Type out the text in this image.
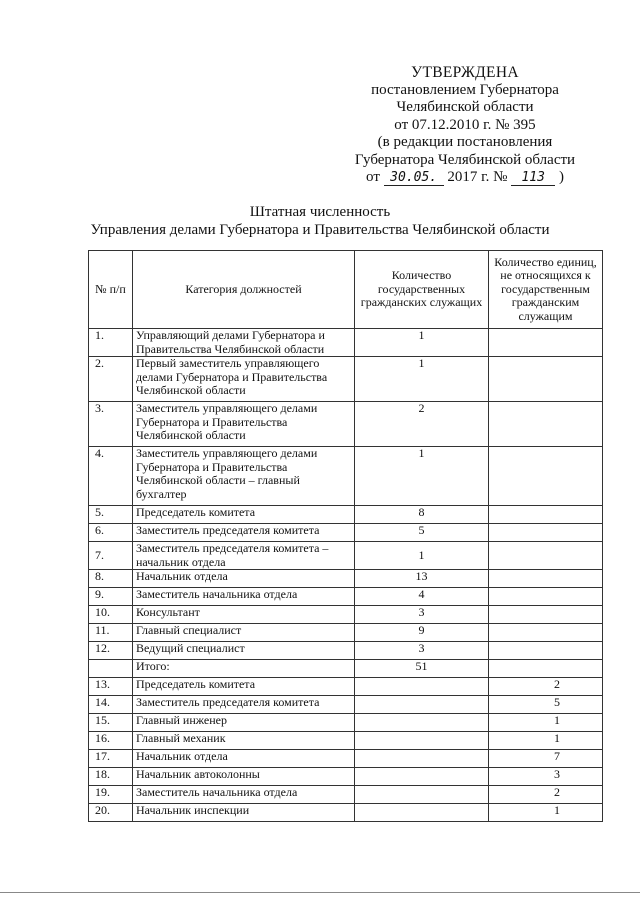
УТВЕРЖДЕНА
постановлением Губернатора
Челябинской области
от 07.12.2010 г. № 395
(в редакции постановления
Губернатора Челябинской области
от 30.05. 2017 г. № 113 )
Штатная численность
Управления делами Губернатора и Правительства Челябинской области
№ п/п	Категория должностей	Количество государственных гражданских служащих	Количество единиц, не относящихся к государственным гражданским служащим
1.	Управляющий делами Губернатора и Правительства Челябинской области	1	
2.	Первый заместитель управляющего делами Губернатора и Правительства Челябинской области	1	
3.	Заместитель управляющего делами Губернатора и Правительства Челябинской области	2	
4.	Заместитель управляющего делами Губернатора и Правительства Челябинской области – главный бухгалтер	1	
5.	Председатель комитета	8	
6.	Заместитель председателя комитета	5	
7.	Заместитель председателя комитета – начальник отдела	1	
8.	Начальник отдела	13	
9.	Заместитель начальника отдела	4	
10.	Консультант	3	
11.	Главный специалист	9	
12.	Ведущий специалист	3	
	Итого:	51	
13.	Председатель комитета		2
14.	Заместитель председателя комитета		5
15.	Главный инженер		1
16.	Главный механик		1
17.	Начальник отдела		7
18.	Начальник автоколонны		3
19.	Заместитель начальника отдела		2
20.	Начальник инспекции		1
